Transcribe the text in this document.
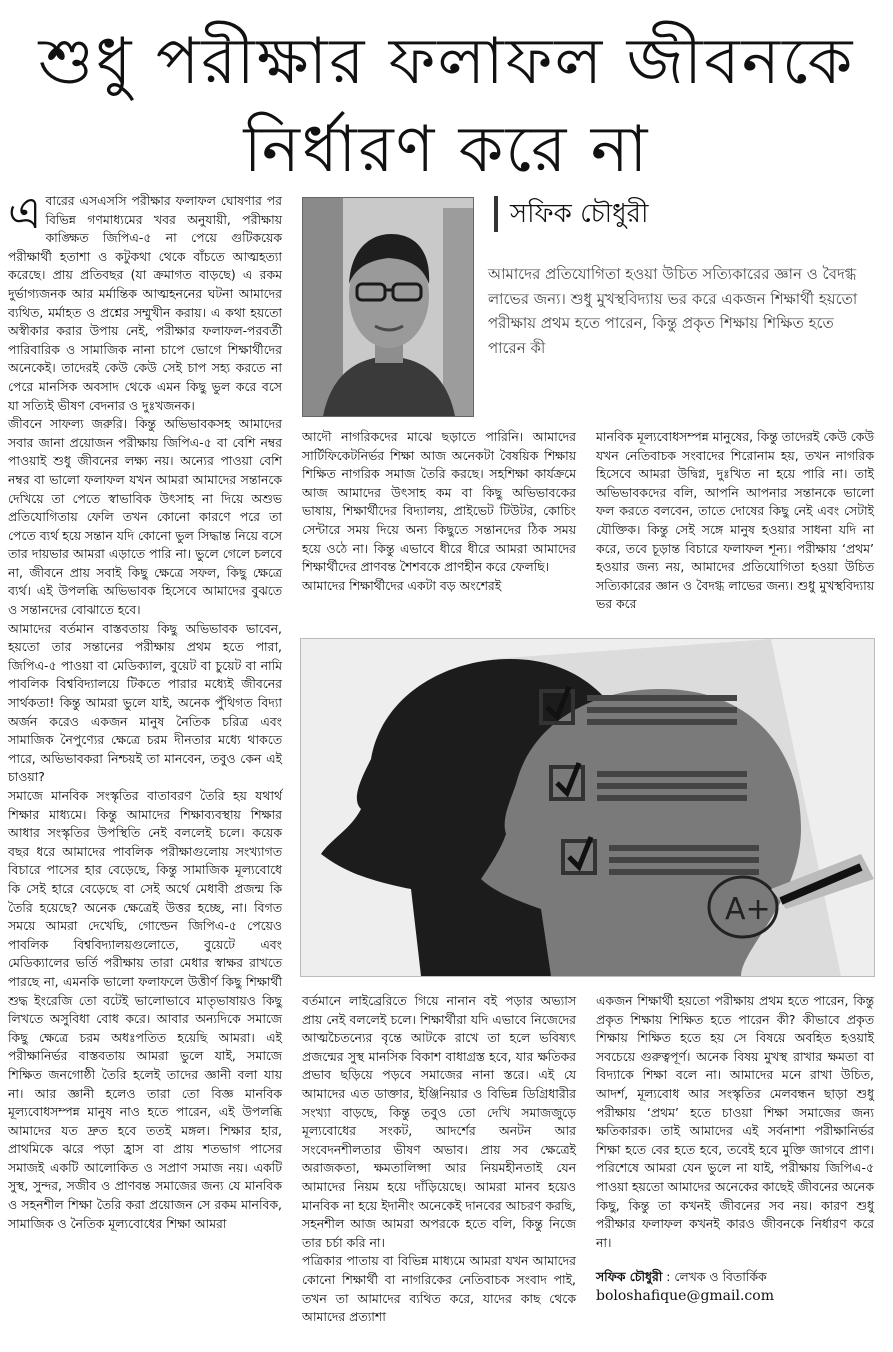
শুধু পরীক্ষার ফলাফল জীবনকে
নির্ধারণ করে না
এ বারের এসএসসি পরীক্ষার ফলাফল ঘোষণার পর বিভিন্ন গণমাধ্যমের খবর অনুযায়ী, পরীক্ষায় কাঙ্ক্ষিত জিপিএ-৫ না পেয়ে গুটিকয়েক পরীক্ষার্থী হতাশা ও কটুকথা থেকে বাঁচতে আত্মহত্যা করেছে। প্রায় প্রতিবছর (যা ক্রমাগত বাড়ছে) এ রকম দুর্ভাগ্যজনক আর মর্মান্তিক আত্মহননের ঘটনা আমাদের ব্যথিত, মর্মাহত ও প্রশ্নের সম্মুখীন করায়। এ কথা হয়তো অস্বীকার করার উপায় নেই, পরীক্ষার ফলাফল-পরবর্তী পারিবারিক ও সামাজিক নানা চাপে ভোগে শিক্ষার্থীদের অনেকেই। তাদেরই কেউ কেউ সেই চাপ সহ্য করতে না পেরে মানসিক অবসাদ থেকে এমন কিছু ভুল করে বসে যা সত্যিই ভীষণ বেদনার ও দুঃখজনক।

জীবনে সাফল্য জরুরি। কিন্তু অভিভাবকসহ আমাদের সবার জানা প্রয়োজন পরীক্ষায় জিপিএ-৫ বা বেশি নম্বর পাওয়াই শুধু জীবনের লক্ষ্য নয়। অন্যের পাওয়া বেশি নম্বর বা ভালো ফলাফল যখন আমরা আমাদের সন্তানকে দেখিয়ে তা পেতে স্বাভাবিক উৎসাহ না দিয়ে অশুভ প্রতিযোগিতায় ফেলি তখন কোনো কারণে পরে তা পেতে ব্যর্থ হয়ে সন্তান যদি কোনো ভুল সিদ্ধান্ত নিয়ে বসে তার দায়ভার আমরা এড়াতে পারি না। ভুলে গেলে চলবে না, জীবনে প্রায় সবাই কিছু ক্ষেত্রে সফল, কিছু ক্ষেত্রে ব্যর্থ। এই উপলব্ধি অভিভাবক হিসেবে আমাদের বুঝতে ও সন্তানদের বোঝাতে হবে।

আমাদের বর্তমান বাস্তবতায় কিছু অভিভাবক ভাবেন, হয়তো তার সন্তানের পরীক্ষায় প্রথম হতে পারা, জিপিএ-৫ পাওয়া বা মেডিক্যাল, বুয়েট বা চুয়েট বা নামি পাবলিক বিশ্ববিদ্যালয়ে টিকতে পারার মধ্যেই জীবনের সার্থকতা! কিন্তু আমরা ভুলে যাই, অনেক পুঁথিগত বিদ্যা অর্জন করেও একজন মানুষ নৈতিক চরিত্র এবং সামাজিক নৈপুণ্যের ক্ষেত্রে চরম দীনতার মধ্যে থাকতে পারে, অভিভাবকরা নিশ্চয়ই তা মানবেন, তবুও কেন এই চাওয়া?

সমাজে মানবিক সংস্কৃতির বাতাবরণ তৈরি হয় যথার্থ শিক্ষার মাধ্যমে। কিন্তু আমাদের শিক্ষাব্যবস্থায় শিক্ষার আধার সংস্কৃতির উপস্থিতি নেই বললেই চলে। কয়েক বছর ধরে আমাদের পাবলিক পরীক্ষাগুলোয় সংখ্যাগত বিচারে পাসের হার বেড়েছে, কিন্তু সামাজিক মূল্যবোধে কি সেই হারে বেড়েছে বা সেই অর্থে মেধাবী প্রজন্ম কি তৈরি হয়েছে? অনেক ক্ষেত্রেই উত্তর হচ্ছে, না। বিগত সময়ে আমরা দেখেছি, গোল্ডেন জিপিএ-৫ পেয়েও পাবলিক বিশ্ববিদ্যালয়গুলোতে, বুয়েটে এবং মেডিক্যালের ভর্তি পরীক্ষায় তারা মেধার স্বাক্ষর রাখতে পারছে না, এমনকি ভালো ফলাফলে উত্তীর্ণ কিছু শিক্ষার্থী শুদ্ধ ইংরেজি তো বটেই ভালোভাবে মাতৃভাষায়ও কিছু লিখতে অসুবিধা বোধ করে। আবার অন্যদিকে সমাজে কিছু ক্ষেত্রে চরম অধঃপতিত হয়েছি আমরা। এই পরীক্ষানির্ভর বাস্তবতায় আমরা ভুলে যাই, সমাজে শিক্ষিত জনগোষ্ঠী তৈরি হলেই তাদের জ্ঞানী বলা যায় না। আর জ্ঞানী হলেও তারা তো বিজ্ঞ মানবিক মূল্যবোধসম্পন্ন মানুষ নাও হতে পারেন, এই উপলব্ধি আমাদের যত দ্রুত হবে ততই মঙ্গল। শিক্ষার হার, প্রাথমিকে ঝরে পড়া হ্রাস বা প্রায় শতভাগ পাসের সমাজই একটি আলোকিত ও সপ্রাণ সমাজ নয়। একটি সুস্থ, সুন্দর, সজীব ও প্রাণবন্ত সমাজের জন্য যে মানবিক ও সহনশীল শিক্ষা তৈরি করা প্রয়োজন সে রকম মানবিক, সামাজিক ও নৈতিক মূল্যবোধের শিক্ষা আমরা

সফিক চৌধুরী
আমাদের প্রতিযোগিতা হওয়া উচিত সত্যিকারের জ্ঞান ও বৈদগ্ধ লাভের জন্য। শুধু মুখস্থবিদ্যায় ভর করে একজন শিক্ষার্থী হয়তো পরীক্ষায় প্রথম হতে পারেন, কিন্তু প্রকৃত শিক্ষায় শিক্ষিত হতে পারেন কী

আদৌ নাগরিকদের মাঝে ছড়াতে পারিনি। আমাদের সার্টিফিকেটনির্ভর শিক্ষা আজ অনেকটা বৈষয়িক শিক্ষায় শিক্ষিত নাগরিক সমাজ তৈরি করছে। সহশিক্ষা কার্যক্রমে আজ আমাদের উৎসাহ কম বা কিছু অভিভাবকের ভাষায়, শিক্ষার্থীদের বিদ্যালয়, প্রাইভেট টিউটর, কোচিং সেন্টারে সময় দিয়ে অন্য কিছুতে সন্তানদের ঠিক সময় হয়ে ওঠে না। কিন্তু এভাবে ধীরে ধীরে আমরা আমাদের শিক্ষার্থীদের প্রাণবন্ত শৈশবকে প্রাণহীন করে ফেলছি।

আমাদের শিক্ষার্থীদের একটা বড় অংশেরই

মানবিক মূল্যবোধসম্পন্ন মানুষের, কিন্তু তাদেরই কেউ কেউ যখন নেতিবাচক সংবাদের শিরোনাম হয়, তখন নাগরিক হিসেবে আমরা উদ্বিগ্ন, দুঃখিত না হয়ে পারি না। তাই অভিভাবকদের বলি, আপনি আপনার সন্তানকে ভালো ফল করতে বলবেন, তাতে দোষের কিছু নেই এবং সেটাই যৌক্তিক। কিন্তু সেই সঙ্গে মানুষ হওয়ার সাধনা যদি না করে, তবে চূড়ান্ত বিচারে ফলাফল শূন্য। পরীক্ষায় ‘প্রথম’ হওয়ার জন্য নয়, আমাদের প্রতিযোগিতা হওয়া উচিত সত্যিকারের জ্ঞান ও বৈদগ্ধ লাভের জন্য। শুধু মুখস্থবিদ্যায় ভর করে

A+

বর্তমানে লাইব্রেরিতে গিয়ে নানান বই পড়ার অভ্যাস প্রায় নেই বললেই চলে। শিক্ষার্থীরা যদি এভাবে নিজেদের আত্মচৈতন্যের বৃন্তে আটকে রাখে তা হলে ভবিষ্যৎ প্রজন্মের সুস্থ মানসিক বিকাশ বাধাগ্রস্ত হবে, যার ক্ষতিকর প্রভাব ছড়িয়ে পড়বে সমাজের নানা স্তরে। এই যে আমাদের এত ডাক্তার, ইঞ্জিনিয়ার ও বিভিন্ন ডিগ্রিধারীর সংখ্যা বাড়ছে, কিন্তু তবুও তো দেখি সমাজজুড়ে মূল্যবোধের সংকট, আদর্শের অনটন আর সংবেদনশীলতার ভীষণ অভাব। প্রায় সব ক্ষেত্রেই অরাজকতা, ক্ষমতালিপ্সা আর নিয়মহীনতাই যেন আমাদের নিয়ম হয়ে দাঁড়িয়েছে। আমরা মানব হয়েও মানবিক না হয়ে ইদানীং অনেকেই দানবের আচরণ করছি, সহনশীল আজ আমরা অপরকে হতে বলি, কিন্তু নিজে তার চর্চা করি না।

পত্রিকার পাতায় বা বিভিন্ন মাধ্যমে আমরা যখন আমাদের কোনো শিক্ষার্থী বা নাগরিকের নেতিবাচক সংবাদ পাই, তখন তা আমাদের ব্যথিত করে, যাদের কাছ থেকে আমাদের প্রত্যাশা

একজন শিক্ষার্থী হয়তো পরীক্ষায় প্রথম হতে পারেন, কিন্তু প্রকৃত শিক্ষায় শিক্ষিত হতে পারেন কী? কীভাবে প্রকৃত শিক্ষায় শিক্ষিত হতে হয় সে বিষয়ে অবহিত হওয়াই সবচেয়ে গুরুত্বপূর্ণ। অনেক বিষয় মুখস্থ রাখার ক্ষমতা বা বিদ্যাকে শিক্ষা বলে না। আমাদের মনে রাখা উচিত, আদর্শ, মূল্যবোধ আর সংস্কৃতির মেলবন্ধন ছাড়া শুধু পরীক্ষায় ‘প্রথম’ হতে চাওয়া শিক্ষা সমাজের জন্য ক্ষতিকারক। তাই আমাদের এই সর্বনাশা পরীক্ষানির্ভর শিক্ষা হতে বের হতে হবে, তবেই হবে মুক্তি জাগবে প্রাণ। পরিশেষে আমরা যেন ভুলে না যাই, পরীক্ষায় জিপিএ-৫ পাওয়া হয়তো আমাদের অনেকের কাছেই জীবনের অনেক কিছু, কিন্তু তা কখনই জীবনের সব নয়। কারণ শুধু পরীক্ষার ফলাফল কখনই কারও জীবনকে নির্ধারণ করে না।

সফিক চৌধুরী : লেখক ও বিতার্কিক

boloshafique@gmail.com
